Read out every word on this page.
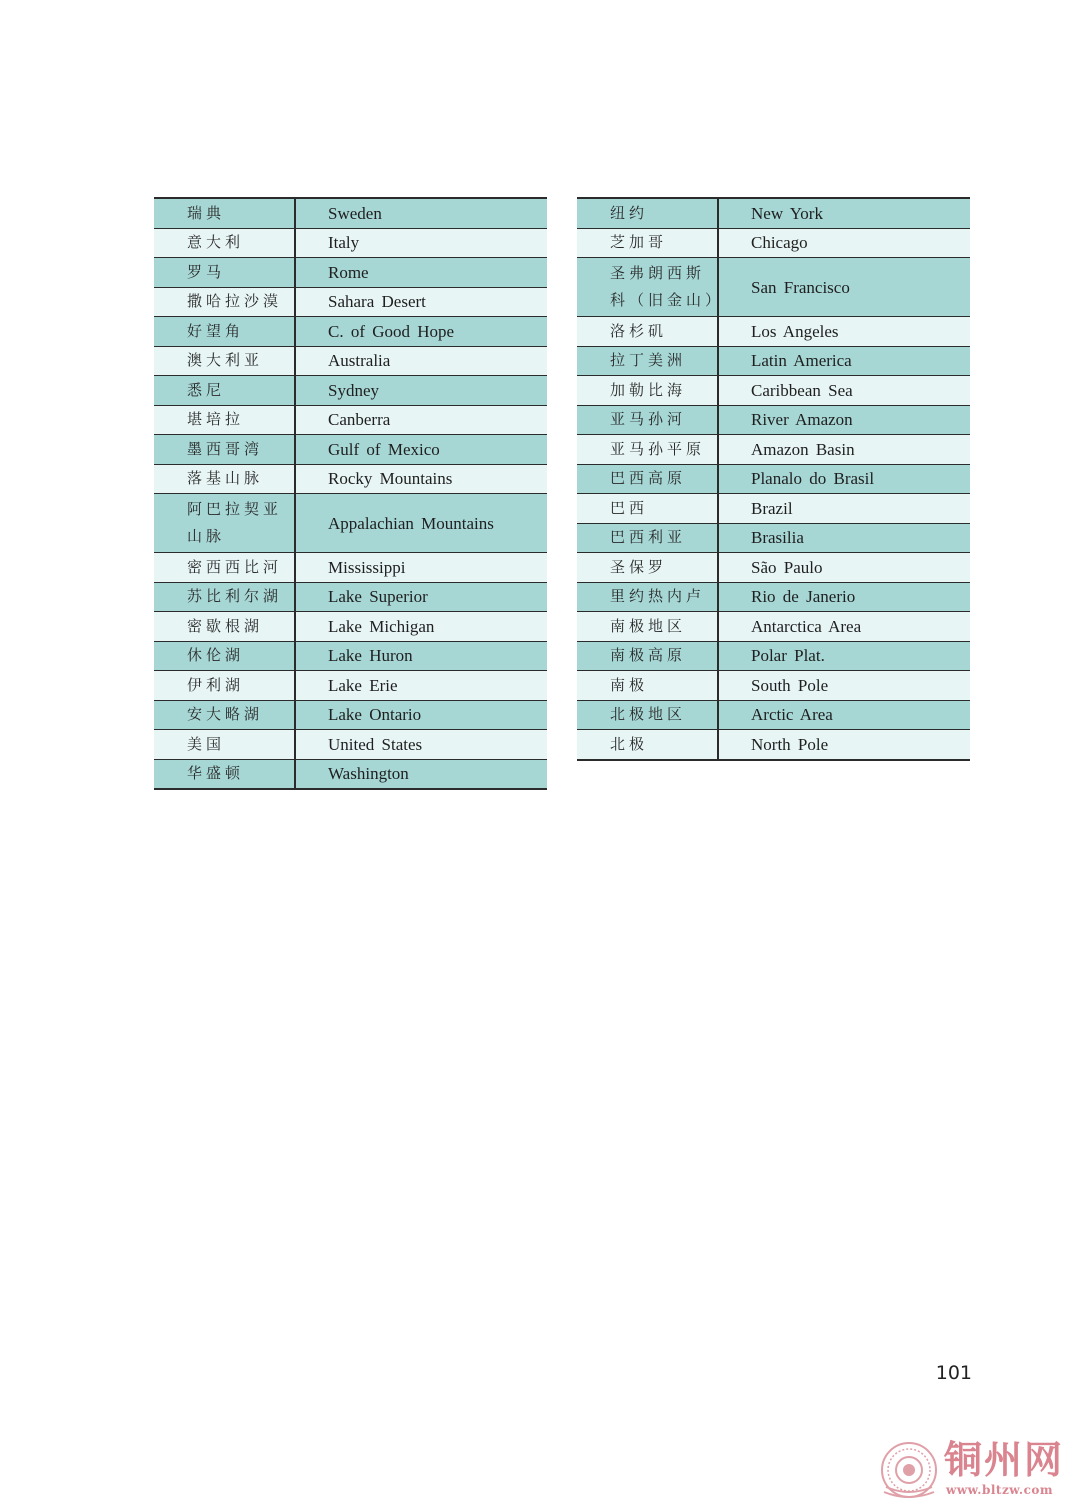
瑞典	Sweden
意大利	Italy
罗马	Rome
撒哈拉沙漠	Sahara Desert
好望角	C. of Good Hope
澳大利亚	Australia
悉尼	Sydney
堪培拉	Canberra
墨西哥湾	Gulf of Mexico
落基山脉	Rocky Mountains
阿巴拉契亚山脉	Appalachian Mountains
密西西比河	Mississippi
苏比利尔湖	Lake Superior
密歇根湖	Lake Michigan
休伦湖	Lake Huron
伊利湖	Lake Erie
安大略湖	Lake Ontario
美国	United States
华盛顿	Washington
纽约	New York
芝加哥	Chicago
圣弗朗西斯科（旧金山）	San Francisco
洛杉矶	Los Angeles
拉丁美洲	Latin America
加勒比海	Caribbean Sea
亚马孙河	River Amazon
亚马孙平原	Amazon Basin
巴西高原	Planalo do Brasil
巴西	Brazil
巴西利亚	Brasilia
圣保罗	São Paulo
里约热内卢	Rio de Janerio
南极地区	Antarctica Area
南极高原	Polar Plat.
南极	South Pole
北极地区	Arctic Area
北极	North Pole
101
铜州网
www.bltzw.com
